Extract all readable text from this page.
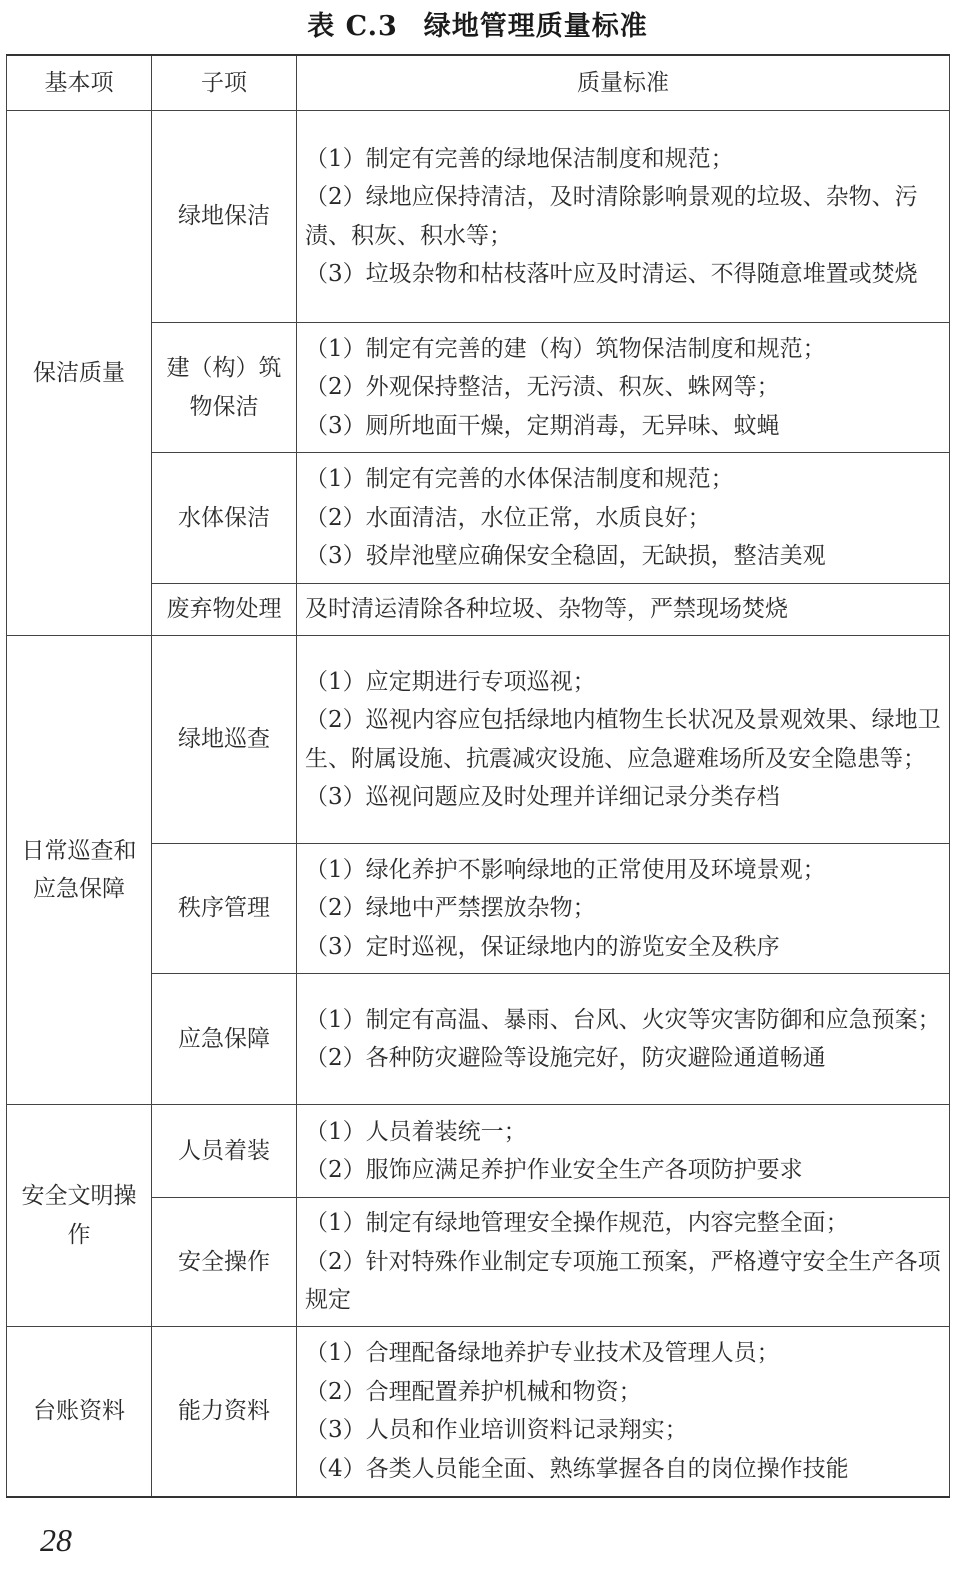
表 C.3 绿地管理质量标准
基本项	子项	质量标准
保洁质量	绿地保洁	（1）制定有完善的绿地保洁制度和规范；
（2）绿地应保持清洁，及时清除影响景观的垃圾、杂物、污渍、积灰、积水等；
（3）垃圾杂物和枯枝落叶应及时清运、不得随意堆置或焚烧

	建（构）筑物保洁	（1）制定有完善的建（构）筑物保洁制度和规范；
（2）外观保持整洁，无污渍、积灰、蛛网等；
（3）厕所地面干燥，定期消毒，无异味、蚊蝇

	水体保洁	（1）制定有完善的水体保洁制度和规范；
（2）水面清洁，水位正常，水质良好；
（3）驳岸池壁应确保安全稳固，无缺损，整洁美观

	废弃物处理	及时清运清除各种垃圾、杂物等，严禁现场焚烧

日常巡查和应急保障	绿地巡查	（1）应定期进行专项巡视；
（2）巡视内容应包括绿地内植物生长状况及景观效果、绿地卫生、附属设施、抗震减灾设施、应急避难场所及安全隐患等；
（3）巡视问题应及时处理并详细记录分类存档

	秩序管理	（1）绿化养护不影响绿地的正常使用及环境景观；
（2）绿地中严禁摆放杂物；
（3）定时巡视，保证绿地内的游览安全及秩序

	应急保障	（1）制定有高温、暴雨、台风、火灾等灾害防御和应急预案；
（2）各种防灾避险等设施完好，防灾避险通道畅通

安全文明操作	人员着装	（1）人员着装统一；
（2）服饰应满足养护作业安全生产各项防护要求

	安全操作	（1）制定有绿地管理安全操作规范，内容完整全面；
（2）针对特殊作业制定专项施工预案，严格遵守安全生产各项规定

台账资料	能力资料	（1）合理配备绿地养护专业技术及管理人员；
（2）合理配置养护机械和物资；
（3）人员和作业培训资料记录翔实；
（4）各类人员能全面、熟练掌握各自的岗位操作技能
28
